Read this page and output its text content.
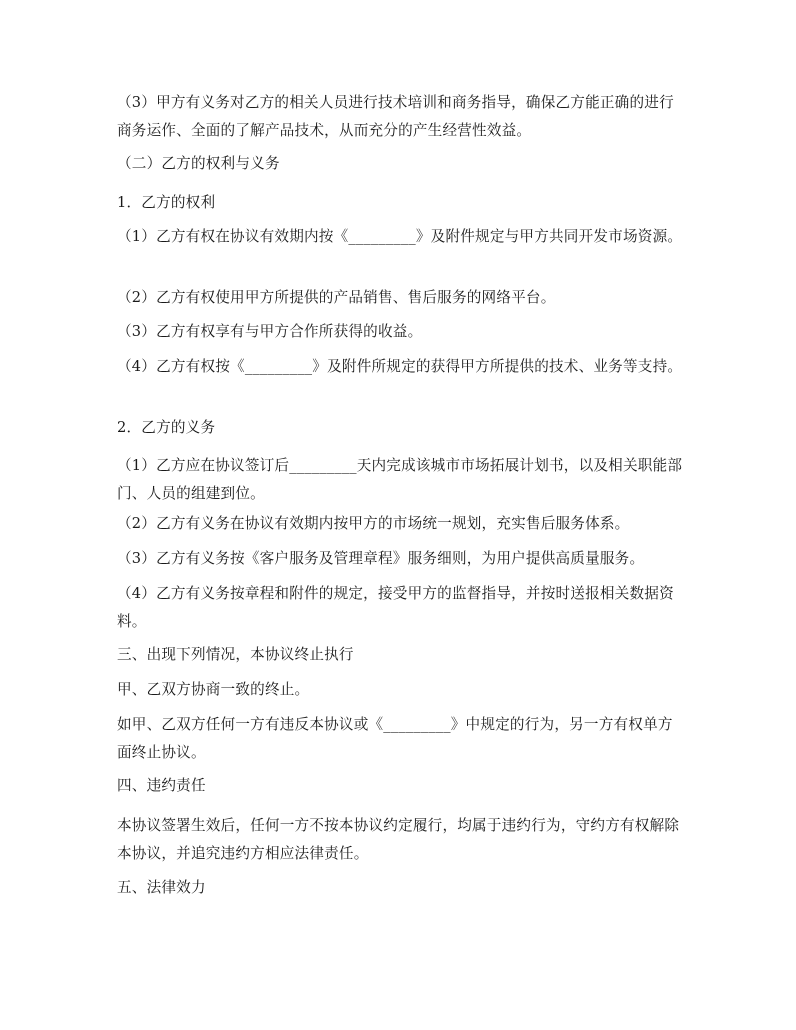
（3）甲方有义务对乙方的相关人员进行技术培训和商务指导，确保乙方能正确的进行商务运作、全面的了解产品技术，从而充分的产生经营性效益。

（二）乙方的权利与义务

1．乙方的权利

（1）乙方有权在协议有效期内按《_________》及附件规定与甲方共同开发市场资源。

（2）乙方有权使用甲方所提供的产品销售、售后服务的网络平台。

（3）乙方有权享有与甲方合作所获得的收益。

（4）乙方有权按《_________》及附件所规定的获得甲方所提供的技术、业务等支持。

2．乙方的义务

（1）乙方应在协议签订后_________天内完成该城市市场拓展计划书，以及相关职能部门、人员的组建到位。

（2）乙方有义务在协议有效期内按甲方的市场统一规划，充实售后服务体系。

（3）乙方有义务按《客户服务及管理章程》服务细则，为用户提供高质量服务。

（4）乙方有义务按章程和附件的规定，接受甲方的监督指导，并按时送报相关数据资料。

三、出现下列情况，本协议终止执行

甲、乙双方协商一致的终止。

如甲、乙双方任何一方有违反本协议或《_________》中规定的行为，另一方有权单方面终止协议。

四、违约责任

本协议签署生效后，任何一方不按本协议约定履行，均属于违约行为，守约方有权解除本协议，并追究违约方相应法律责任。

五、法律效力
